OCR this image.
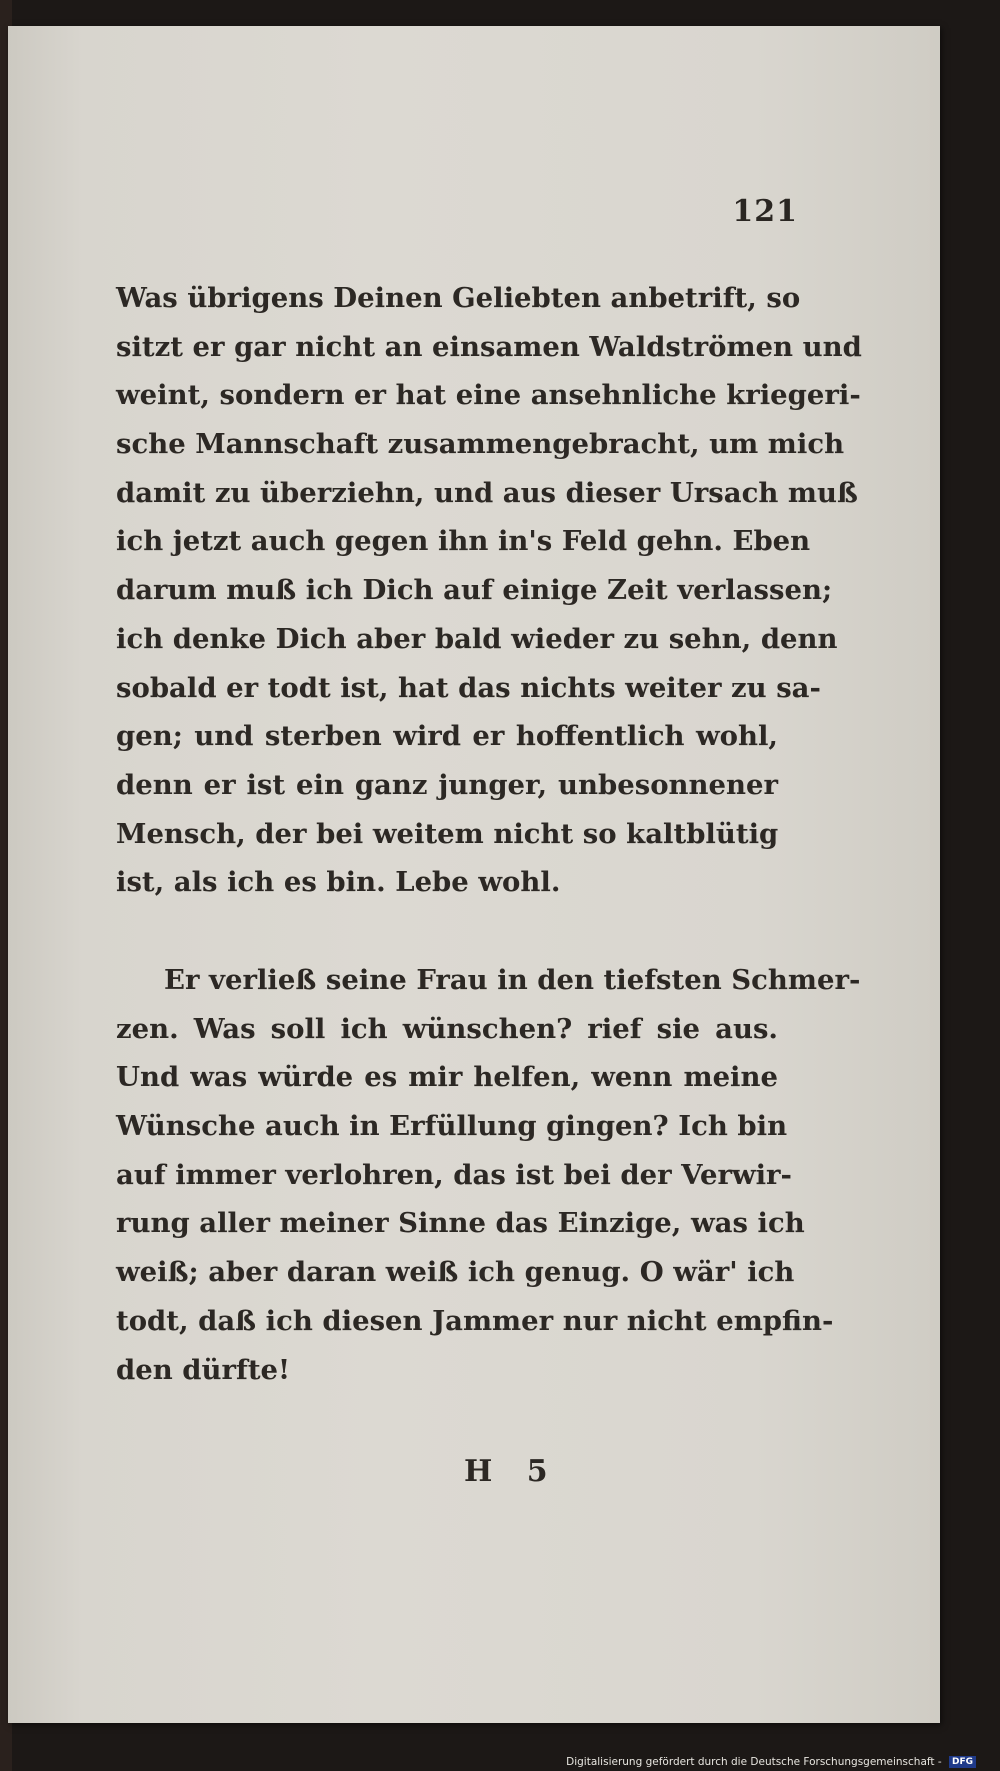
121
Was übrigens Deinen Geliebten anbetrift, so
sitzt er gar nicht an einsamen Waldströmen und
weint, sondern er hat eine ansehnliche kriegeri-
sche Mannschaft zusammengebracht, um mich
damit zu überziehn, und aus dieser Ursach muß
ich jetzt auch gegen ihn in's Feld gehn. Eben
darum muß ich Dich auf einige Zeit verlassen;
ich denke Dich aber bald wieder zu sehn, denn
sobald er todt ist, hat das nichts weiter zu sa-
gen; und sterben wird er hoffentlich wohl,
denn er ist ein ganz junger, unbesonnener
Mensch, der bei weitem nicht so kaltblütig
ist, als ich es bin. Lebe wohl.
Er verließ seine Frau in den tiefsten Schmer-
zen. Was soll ich wünschen? rief sie aus.
Und was würde es mir helfen, wenn meine
Wünsche auch in Erfüllung gingen? Ich bin
auf immer verlohren, das ist bei der Verwir-
rung aller meiner Sinne das Einzige, was ich
weiß; aber daran weiß ich genug. O wär' ich
todt, daß ich diesen Jammer nur nicht empfin-
den dürfte!
H 5
Digitalisierung gefördert durch die Deutsche Forschungsgemeinschaft - DFG
